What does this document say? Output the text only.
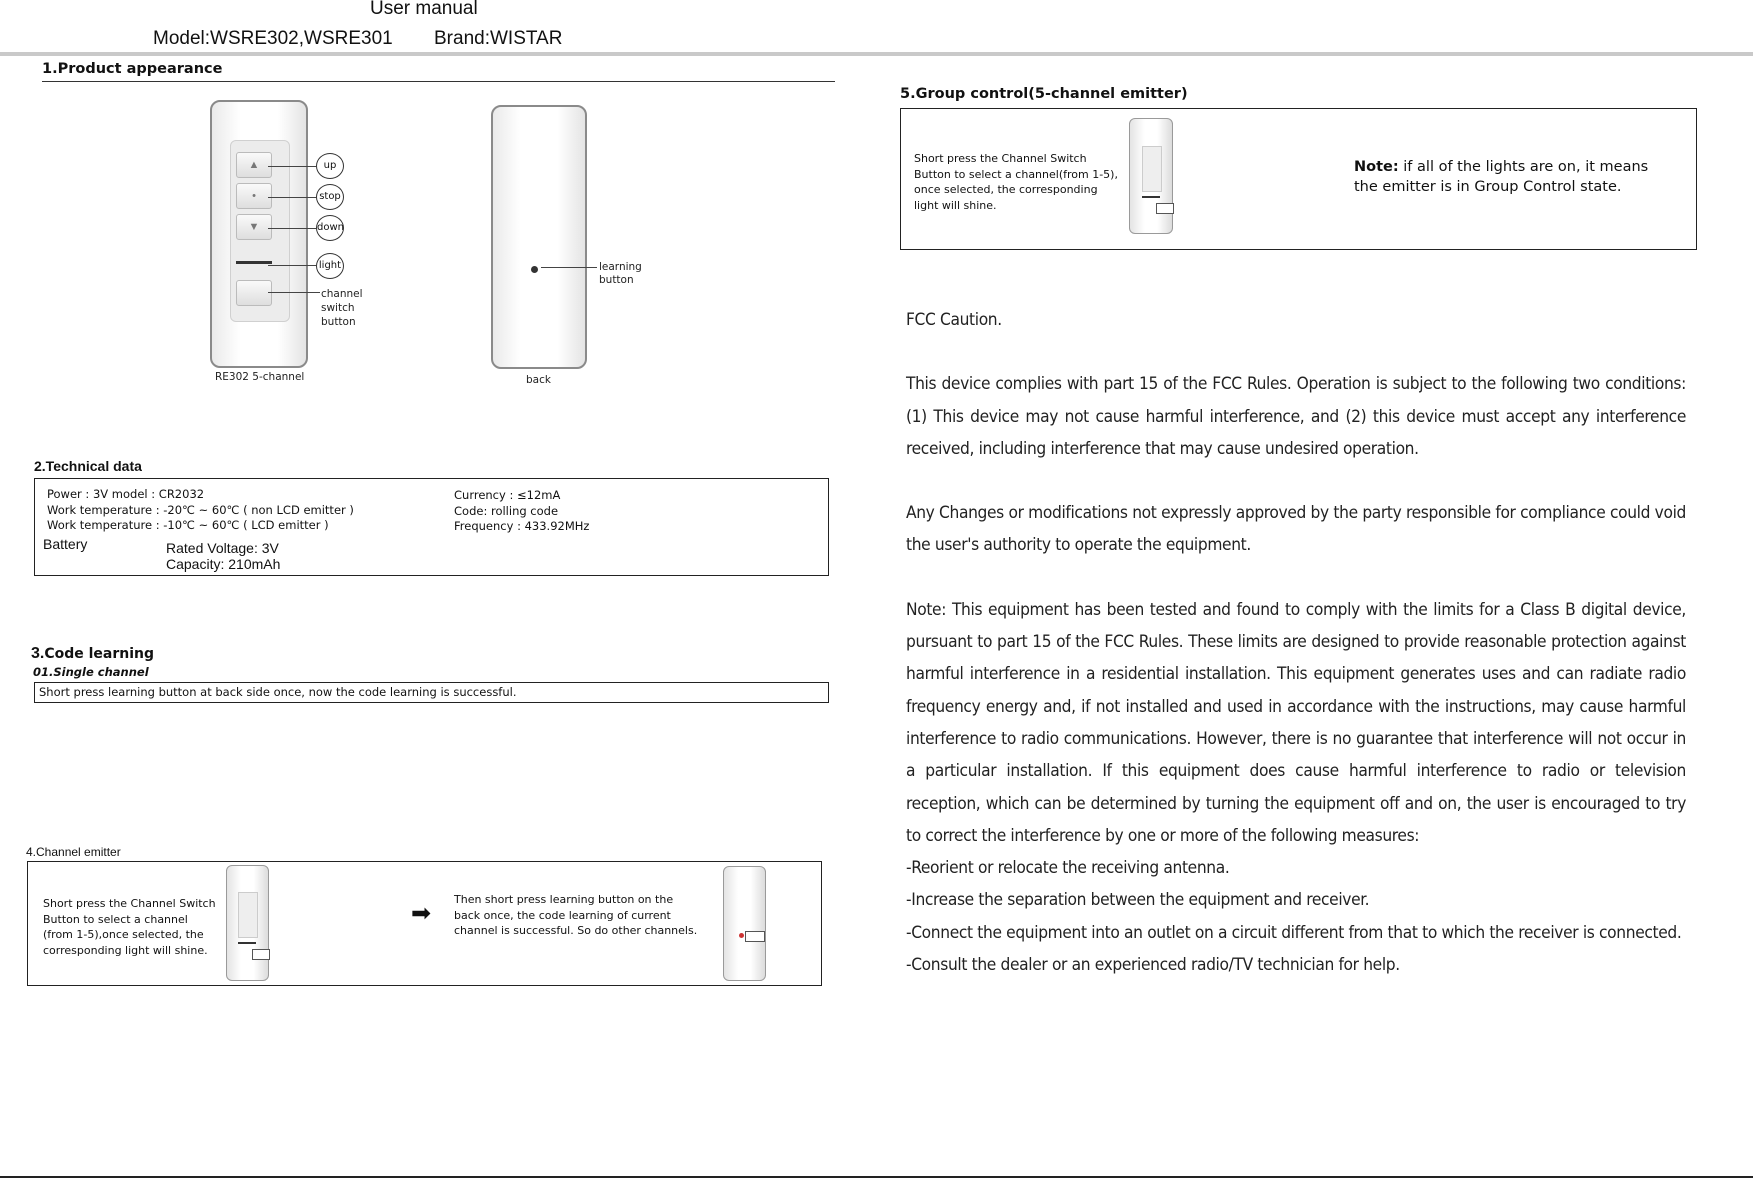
User manual
Model:WSRE302,WSRE301 Brand:WISTAR
1.Product appearance
▲
•
▼
up
stop
down
light
channel
switch
button
RE302 5-channel
learning
button
back
2.Technical data
Power : 3V model : CR2032
Work temperature : -20℃ ~ 60℃ ( non LCD emitter )
Work temperature : -10℃ ~ 60℃ ( LCD emitter )
Currency : ≤12mA
Code: rolling code
Frequency : 433.92MHz
Battery	Rated Voltage: 3V
Capacity: 210mAh
3.Code learning
01.Single channel
Short press learning button at back side once, now the code learning is successful.
4.Channel emitter
Short press the Channel Switch Button to select a channel (from 1-5),once selected, the corresponding light will shine.
➡
Then short press learning button on the back once, the code learning of current channel is successful. So do other channels.
5.Group control(5-channel emitter)
Short press the Channel Switch Button to select a channel(from 1-5), once selected, the corresponding light will shine.
Note: if all of the lights are on, it means the emitter is in Group Control state.

FCC Caution.

This device complies with part 15 of the FCC Rules. Operation is subject to the following two conditions: (1) This device may not cause harmful interference, and (2) this device must accept any interference received, including interference that may cause undesired operation.

Any Changes or modifications not expressly approved by the party responsible for compliance could void the user's authority to operate the equipment.

Note: This equipment has been tested and found to comply with the limits for a Class B digital device, pursuant to part 15 of the FCC Rules. These limits are designed to provide reasonable protection against harmful interference in a residential installation. This equipment generates uses and can radiate radio frequency energy and, if not installed and used in accordance with the instructions, may cause harmful interference to radio communications. However, there is no guarantee that interference will not occur in a particular installation. If this equipment does cause harmful interference to radio or television reception, which can be determined by turning the equipment off and on, the user is encouraged to try to correct the interference by one or more of the following measures:

-Reorient or relocate the receiving antenna.

-Increase the separation between the equipment and receiver.

-Connect the equipment into an outlet on a circuit different from that to which the receiver is connected.

-Consult the dealer or an experienced radio/TV technician for help.
